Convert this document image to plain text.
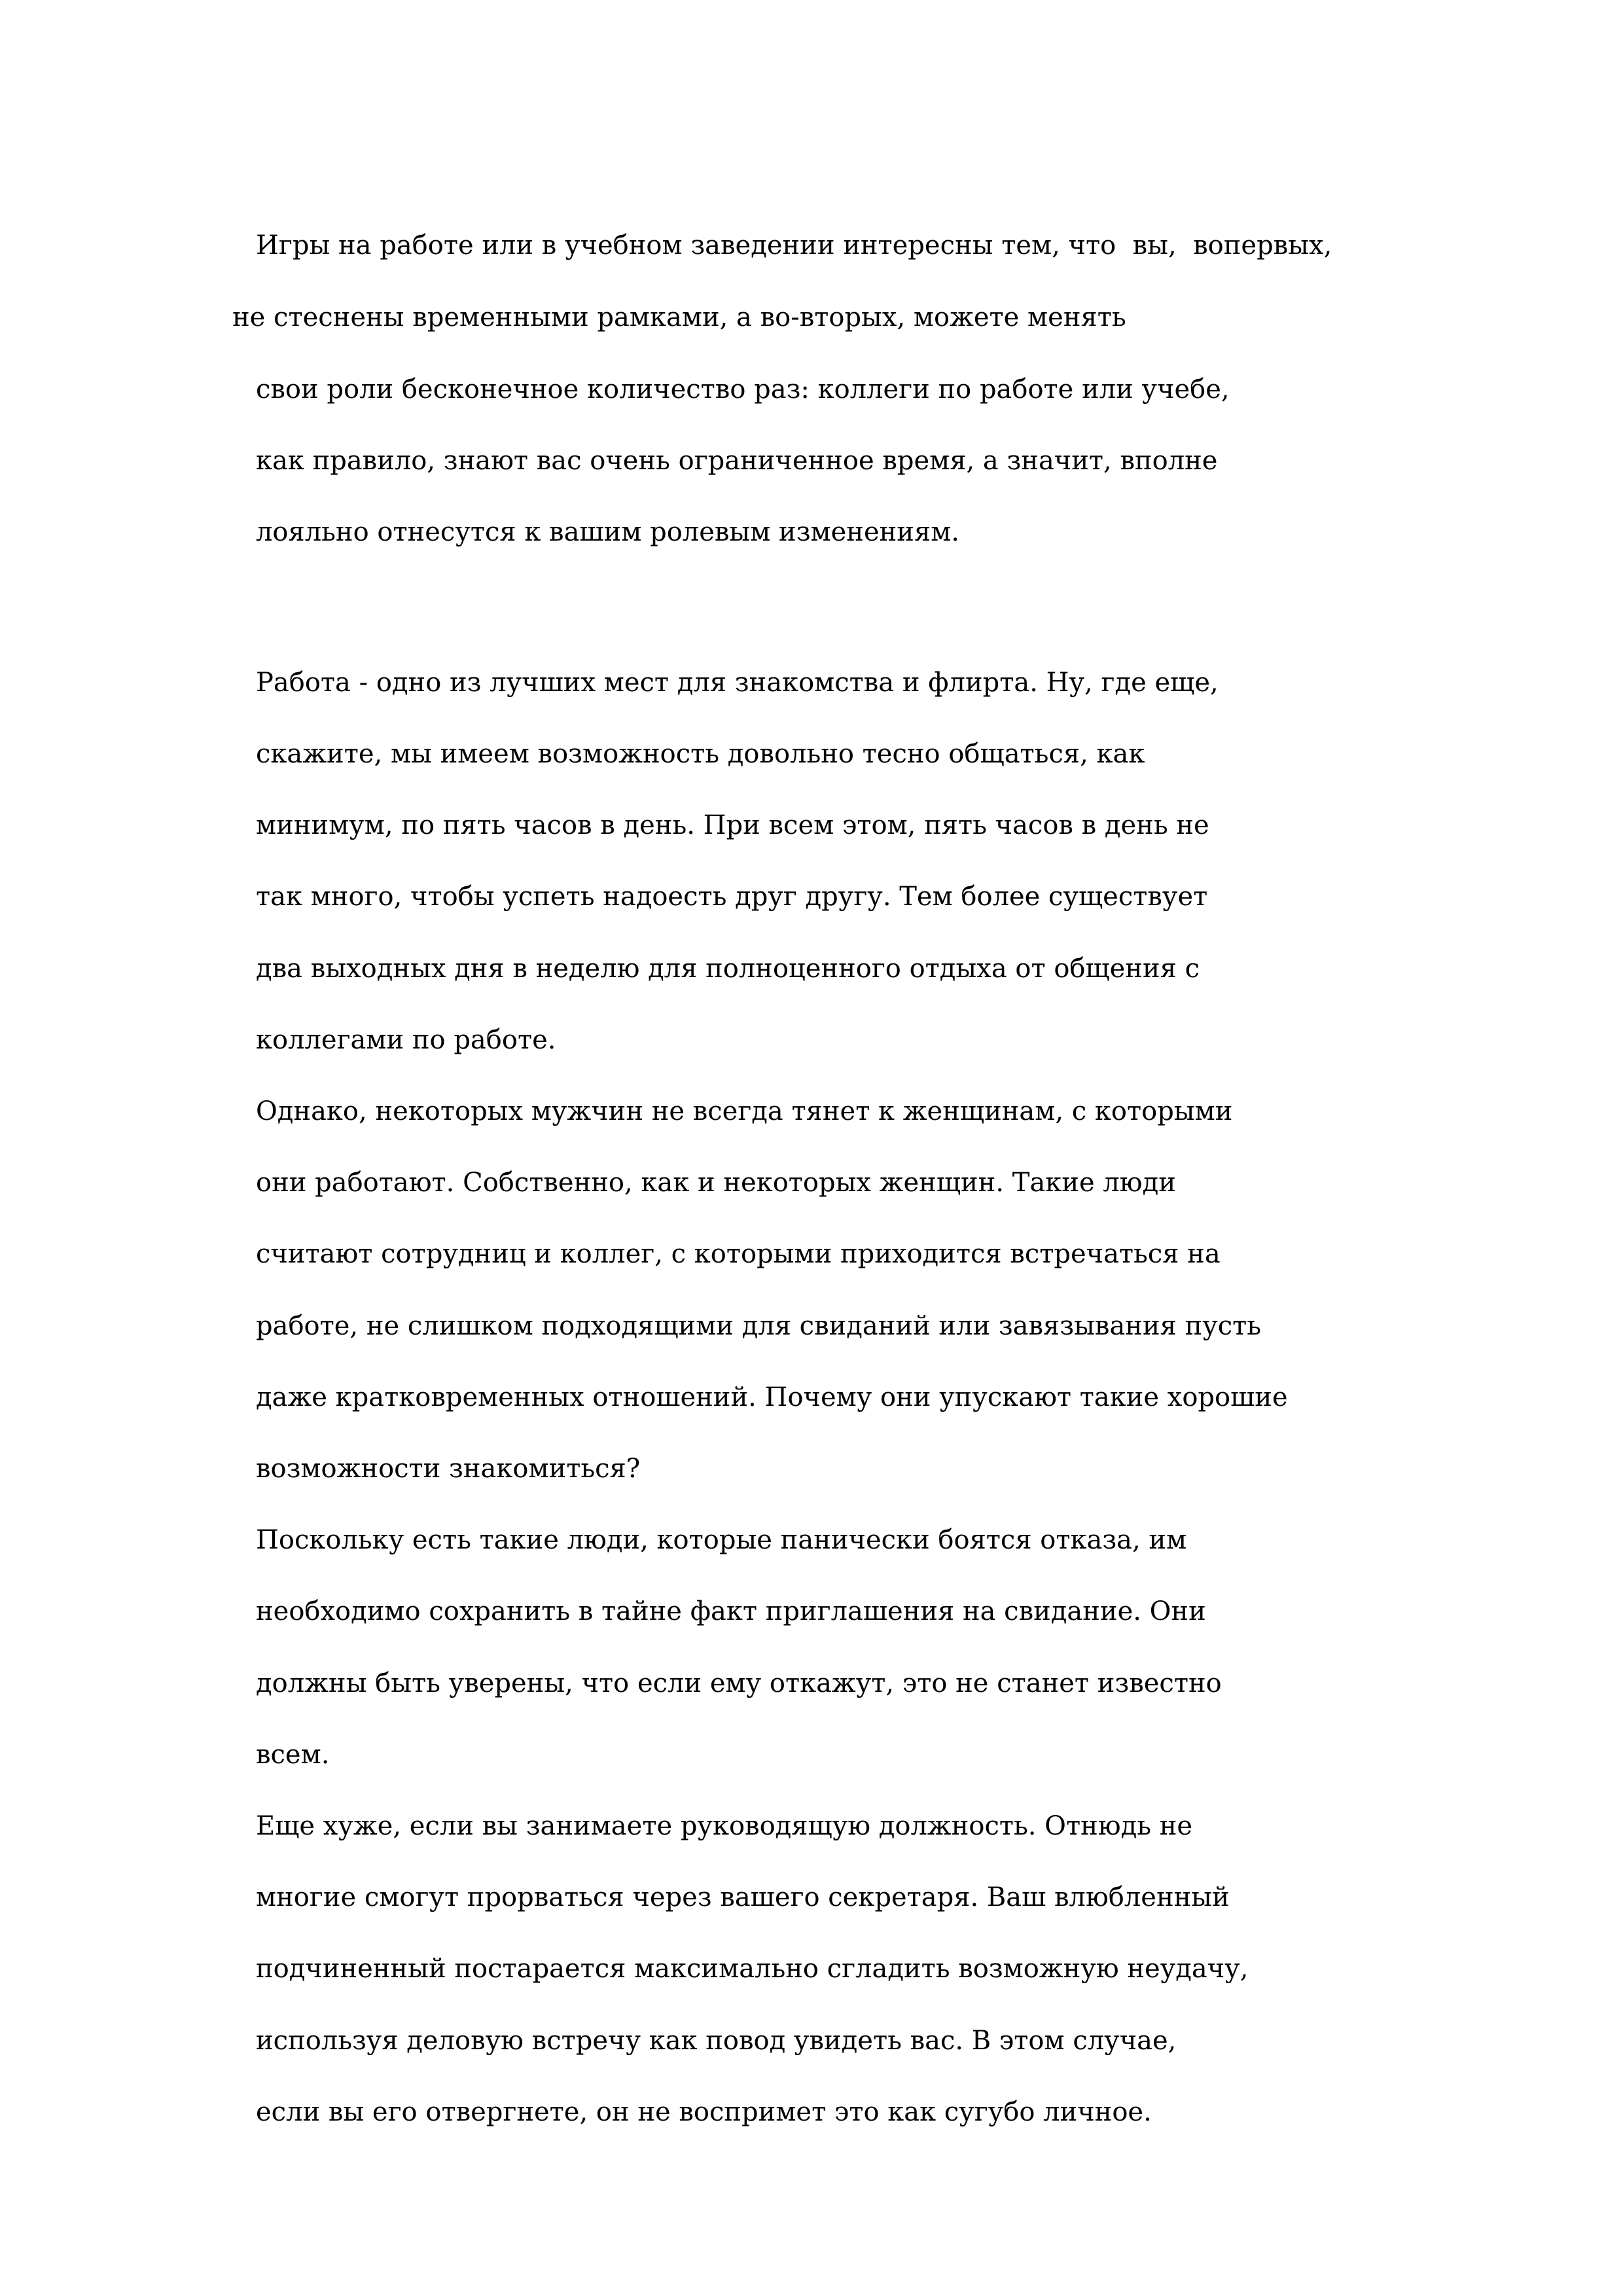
Игры на работе или в учебном заведении интересны тем, что  вы,  вопервых,

не стеснены временными рамками, а во-вторых, можете менять

свои роли бесконечное количество раз: коллеги по работе или учебе,

как правило, знают вас очень ограниченное время, а значит, вполне

лояльно отнесутся к вашим ролевым изменениям.

Работа - одно из лучших мест для знакомства и флирта. Ну, где еще,

скажите, мы имеем возможность довольно тесно общаться, как

минимум, по пять часов в день. При всем этом, пять часов в день не

так много, чтобы успеть надоесть друг другу. Тем более существует

два выходных дня в неделю для полноценного отдыха от общения с

коллегами по работе.

Однако, некоторых мужчин не всегда тянет к женщинам, с которыми

они работают. Собственно, как и некоторых женщин. Такие люди

считают сотрудниц и коллег, с которыми приходится встречаться на

работе, не слишком подходящими для свиданий или завязывания пусть

даже кратковременных отношений. Почему они упускают такие хорошие

возможности знакомиться?

Поскольку есть такие люди, которые панически боятся отказа, им

необходимо сохранить в тайне факт приглашения на свидание. Они

должны быть уверены, что если ему откажут, это не станет известно

всем.

Еще хуже, если вы занимаете руководящую должность. Отнюдь не

многие смогут прорваться через вашего секретаря. Ваш влюбленный

подчиненный постарается максимально сгладить возможную неудачу,

используя деловую встречу как повод увидеть вас. В этом случае,

если вы его отвергнете, он не воспримет это как сугубо личное.
